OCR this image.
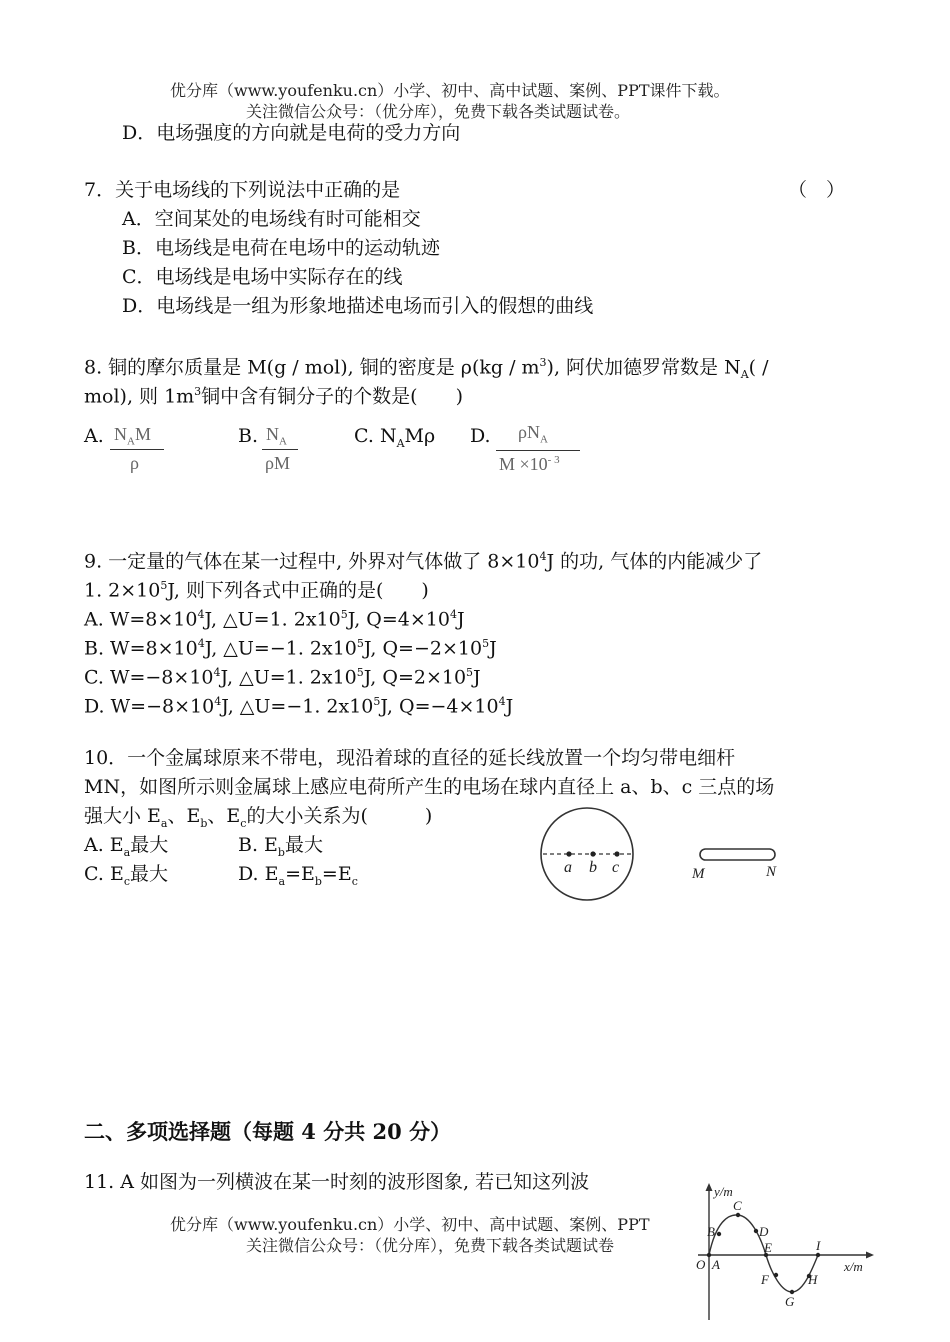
优分库（www.youfenku.cn）小学、初中、高中试题、案例、PPT课件下载。
关注微信公众号：（优分库），免费下载各类试题试卷。
D．电场强度的方向就是电荷的受力方向
7．关于电场线的下列说法中正确的是	（　）
A．空间某处的电场线有时可能相交
B．电场线是电荷在电场中的运动轨迹
C．电场线是电场中实际存在的线
D．电场线是一组为形象地描述电场而引入的假想的曲线
8. 铜的摩尔质量是 M(g / mol), 铜的密度是 $\rho(kg / m^3)$, 阿伏加德罗常数是 $N_A$( /
mol), 则 $1m^3$铜中含有铜分子的个数是(　　)
A. $N_AM$
ρ
B. $N_A$
ρM
C. $N_AM\rho$ D. $\rho N_A$
$M \times 10^{- 3}$
9. 一定量的气体在某一过程中, 外界对气体做了 $8\times 10^4J$ 的功, 气体的内能减少了
1. $2\times 10^5J$, 则下列各式中正确的是(　　)
A. $W=8\times 10^4J$, △U=1. $2x10^5J$, $Q=4\times 10^4J$
B. $W=8\times 10^4J$, △U=−1. $2x10^5J$, $Q=-2\times 10^5J$
C. $W=-8\times 10^4J$, △U=1. $2x10^5J$, $Q=2\times 10^5J$
D. $W=-8\times 10^4J$, △U=−1. $2x10^5J$, $Q=-4\times 10^4J$
10．一个金属球原来不带电，现沿着球的直径的延长线放置一个均匀带电细杆
MN，如图所示则金属球上感应电荷所产生的电场在球内直径上 a、b、c 三点的场
强大小 $E_a$、$E_b$、$E_c$的大小关系为(　　　)
A. $E_a$最大	B. $E_b$最大
C. $E_c$最大	D. $E_a=E_b=E_c$
a b c	M	N
二、多项选择题（每题 4 分共 20 分）
11. A 如图为一列横波在某一时刻的波形图象, 若已知这列波	y/m
x/m
O A
B
C
D
E
F
G
H
I
优分库（www.youfenku.cn）小学、初中、高中试题、案例、PPT
关注微信公众号：（优分库），免费下载各类试题试卷
